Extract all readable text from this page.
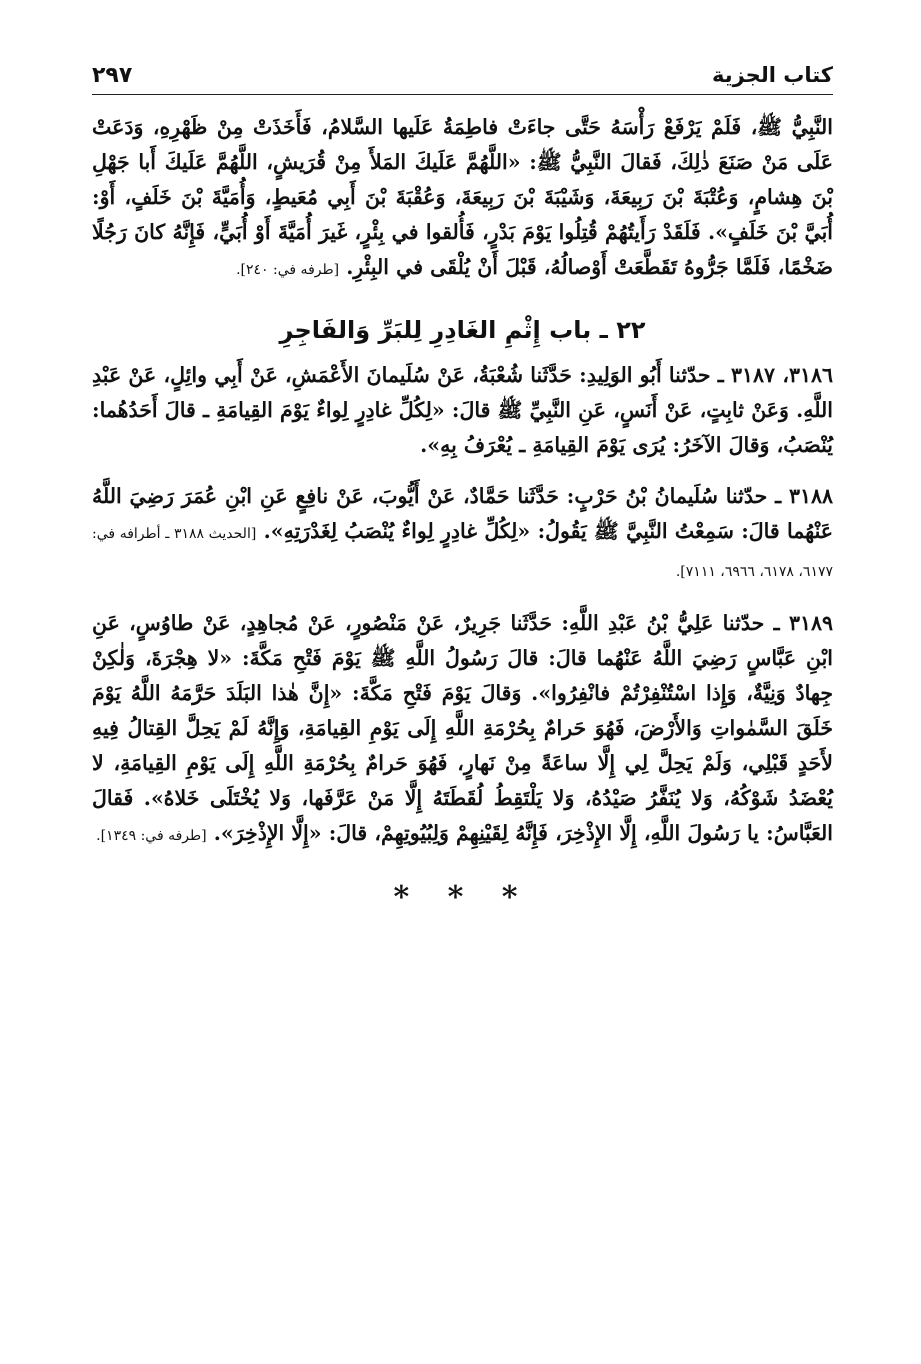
كتاب الجزية
٢٩٧

النَّبِيُّ ﷺ، فَلَمْ يَرْفَعْ رَأْسَهُ حَتَّى جاءَتْ فاطِمَةُ عَلَيها السَّلامُ، فَأَخَذَتْ مِنْ ظَهْرِهِ، وَدَعَتْ عَلَى مَنْ صَنَعَ ذٰلِكَ، فَقالَ النَّبِيُّ ﷺ: «اللَّهُمَّ عَلَيكَ المَلأَ مِنْ قُرَيشٍ، اللَّهُمَّ عَلَيكَ أَبا جَهْلِ بْنَ هِشامٍ، وَعُتْبَةَ بْنَ رَبِيعَةَ، وَشَيْبَةَ بْنَ رَبِيعَةَ، وَعُقْبَةَ بْنَ أَبِي مُعَيطٍ، وَأُمَيَّةَ بْنَ خَلَفٍ، أَوْ: أُبَيَّ بْنَ خَلَفٍ». فَلَقَدْ رَأَيتُهُمْ قُتِلُوا يَوْمَ بَدْرٍ، فَأُلقوا في بِئْرٍ، غَيرَ أُمَيَّةَ أَوْ أُبَيٍّ، فَإِنَّهُ كانَ رَجُلًا ضَخْمًا، فَلَمَّا جَرُّوهُ تَقَطَّعَتْ أَوْصالُهُ، قَبْلَ أَنْ يُلْقَى في البِئْرِ. [طرفه في: ٢٤٠].

٢٢ ـ باب إِثْمِ الغَادِرِ لِلبَرِّ وَالفَاجِرِ

٣١٨٦، ٣١٨٧ ـ حدّثنا أَبُو الوَلِيدِ: حَدَّثَنا شُعْبَةُ، عَنْ سُلَيمانَ الأَعْمَشِ، عَنْ أَبِي وائِلٍ، عَنْ عَبْدِ اللَّهِ. وَعَنْ ثابِتٍ، عَنْ أَنَسٍ، عَنِ النَّبِيِّ ﷺ قالَ: «لِكُلِّ غادِرٍ لِواءٌ يَوْمَ القِيامَةِ ـ قالَ أَحَدُهُما: يُنْصَبُ، وَقالَ الآخَرُ: يُرَى يَوْمَ القِيامَةِ ـ يُعْرَفُ بِهِ».

٣١٨٨ ـ حدّثنا سُلَيمانُ بْنُ حَرْبٍ: حَدَّثَنا حَمَّادٌ، عَنْ أَيُّوبَ، عَنْ نافِعٍ عَنِ ابْنِ عُمَرَ رَضِيَ اللَّهُ عَنْهُما قالَ: سَمِعْتُ النَّبِيَّ ﷺ يَقُولُ: «لِكُلِّ غادِرٍ لِواءٌ يُنْصَبُ لِغَدْرَتِهِ». [الحديث ٣١٨٨ ـ أطرافه في: ٦١٧٧، ٦١٧٨، ٦٩٦٦، ٧١١١].

٣١٨٩ ـ حدّثنا عَلِيُّ بْنُ عَبْدِ اللَّهِ: حَدَّثَنا جَرِيرٌ، عَنْ مَنْصُورٍ، عَنْ مُجاهِدٍ، عَنْ طاوُسٍ، عَنِ ابْنِ عَبَّاسٍ رَضِيَ اللَّهُ عَنْهُما قالَ: قالَ رَسُولُ اللَّهِ ﷺ يَوْمَ فَتْحِ مَكَّةَ: «لا هِجْرَةَ، وَلٰكِنْ جِهادٌ وَنِيَّةٌ، وَإِذا اسْتُنْفِرْتُمْ فانْفِرُوا». وَقالَ يَوْمَ فَتْحِ مَكَّةَ: «إِنَّ هٰذا البَلَدَ حَرَّمَهُ اللَّهُ يَوْمَ خَلَقَ السَّمٰواتِ وَالأَرْضَ، فَهُوَ حَرامٌ بِحُرْمَةِ اللَّهِ إِلَى يَوْمِ القِيامَةِ، وَإِنَّهُ لَمْ يَحِلَّ القِتالُ فِيهِ لأَحَدٍ قَبْلِي، وَلَمْ يَحِلَّ لِي إِلَّا ساعَةً مِنْ نَهارٍ، فَهُوَ حَرامٌ بِحُرْمَةِ اللَّهِ إِلَى يَوْمِ القِيامَةِ، لا يُعْضَدُ شَوْكُهُ، وَلا يُنَفَّرُ صَيْدُهُ، وَلا يَلْتَقِطُ لُقَطَتَهُ إِلَّا مَنْ عَرَّفَها، وَلا يُخْتَلَى خَلاهُ». فَقالَ العَبَّاسُ: يا رَسُولَ اللَّهِ، إِلَّا الإِذْخِرَ، فَإِنَّهُ لِقَيْنِهِمْ وَلِبُيُوتِهِمْ، قالَ: «إِلَّا الإِذْخِرَ». [طرفه في: ١٣٤٩].

* * *
